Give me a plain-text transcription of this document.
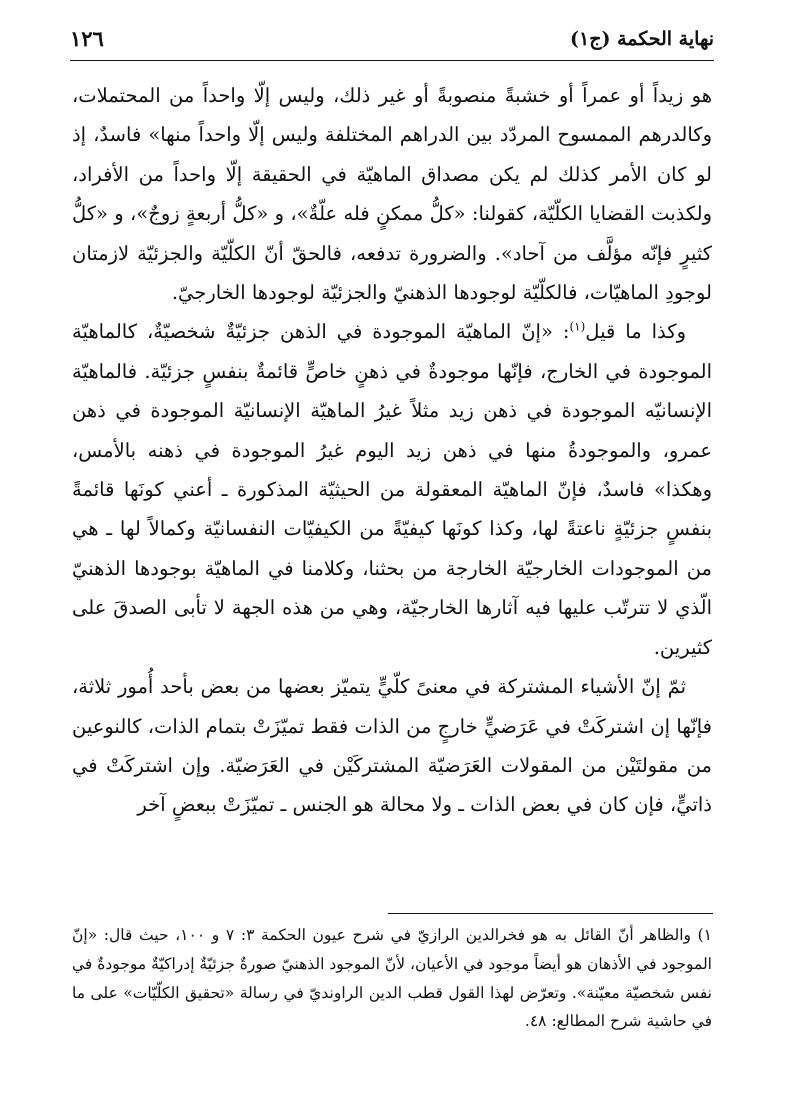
نهاية الحكمة (ج١)
١٢٦

هو زيداً أو عمراً أو خشبةً منصوبةً أو غير ذلك، وليس إلّا واحداً من المحتملات، وكالدرهم الممسوح المردّد بين الدراهم المختلفة وليس إلّا واحداً منها» فاسدٌ، إذ لو كان الأمر كذلك لم يكن مصداق الماهيّة في الحقيقة إلّا واحداً من الأفراد، ولكذبت القضايا الكلّيّة، كقولنا: «كلُّ ممكنٍ فله علّةٌ»، و «كلُّ أربعةٍ زوجٌ»، و «كلُّ كثيرٍ فإنّه مؤلَّف من آحاد». والضرورة تدفعه، فالحقّ أنّ الكلّيّة والجزئيّة لازمتان لوجودِ الماهيّات، فالكلّيّة لوجودها الذهنيّ والجزئيّة لوجودها الخارجيّ.

وكذا ما قيل$^{(١)}$: «إنّ الماهيّة الموجودة في الذهن جزئيّةٌ شخصيّةٌ، كالماهيّة الموجودة في الخارج، فإنّها موجودةٌ في ذهنٍ خاصٍّ قائمةٌ بنفسٍ جزئيّة. فالماهيّة الإنسانيّه الموجودة في ذهن زيد مثلاً غيرُ الماهيّة الإنسانيّة الموجودة في ذهن عمرو، والموجودةُ منها في ذهن زيد اليوم غيرُ الموجودة في ذهنه بالأمس، وهكذا» فاسدٌ، فإنّ الماهيّة المعقولة من الحيثيّة المذكورة ـ أعني كونَها قائمةً بنفسٍ جزئيّةٍ ناعتةً لها، وكذا كونَها كيفيّةً من الكيفيّات النفسانيّة وكمالاً لها ـ هي من الموجودات الخارجيّة الخارجة من بحثنا، وكلامنا في الماهيّة بوجودها الذهنيّ الّذي لا تترتّب عليها فيه آثارها الخارجيّة، وهي من هذه الجهة لا تأبى الصدقَ على كثيرين.

ثمّ إنّ الأشياء المشتركة في معنىً كلّيٍّ يتميّز بعضها من بعض بأحد أُمور ثلاثة، فإنّها إن اشتركَتْ في عَرَضيٍّ خارجٍ من الذات فقط تميّزَتْ بتمام الذات، كالنوعين من مقولتَيْن من المقولات العَرَضيّة المشتركَيْن في العَرَضيّة. وإن اشتركَتْ في ذاتيٍّ، فإن كان في بعض الذات ـ ولا محالة هو الجنس ـ تميّزَتْ ببعضٍ آخر

١) والظاهر أنّ القائل به هو فخرالدين الرازيّ في شرح عيون الحكمة ٣: ٧ و ١٠٠، حيث قال: «إنّ الموجود في الأذهان هو أيضاً موجود في الأعيان، لأنّ الموجود الذهنيّ صورةٌ جزئيّةٌ إدراكيّةٌ موجودةٌ في نفس شخصيّة معيّنة». وتعرّض لهذا القول قطب الدين الراونديّ في رسالة «تحقيق الكلّيّات» على ما في حاشية شرح المطالع: ٤٨.
